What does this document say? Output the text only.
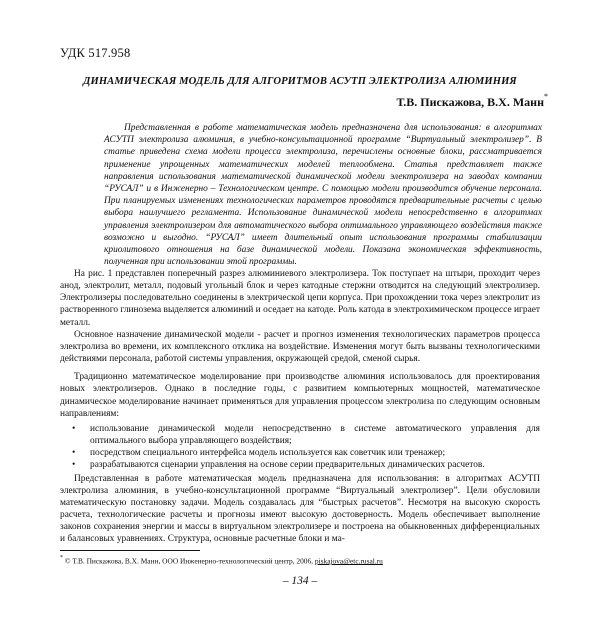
УДК 517.958
ДИНАМИЧЕСКАЯ МОДЕЛЬ ДЛЯ АЛГОРИТМОВ АСУТП ЭЛЕКТРОЛИЗА АЛЮМИНИЯ
Т.В. Пискажова, В.Х. Манн*

Представленная в работе математическая модель предназначена для использования: в алгоритмах АСУТП электролиза алюминия, в учебно-консультационной программе “Виртуальный электролизер”. В статье приведена схема модели процесса электролиза, перечислены основные блоки, рассматривается применение упрощенных математических моделей теплообмена. Статья представляет также направления использования математической динамической модели электролизера на заводах компании “РУСАЛ” и в Инженерно – Технологическом центре. С помощью модели производится обучение персонала. При планируемых изменениях технологических параметров проводятся предварительные расчеты с целью выбора наилучшего регламента. Использование динамической модели непосредственно в алгоритмах управления электролизером для автоматического выбора оптимального управляющего воздействия также возможно и выгодно. “РУСАЛ” имеет длительный опыт использования программы стабилизации криолитового отношения на базе динамической модели. Показана экономическая эффективность, полученная при использовании этой программы.

На рис. 1 представлен поперечный разрез алюминиевого электролизера. Ток поступает на штыри, проходит через анод, электролит, металл, подовый угольный блок и через катодные стержни отводится на следующий электролизер. Электролизеры последовательно соединены в электрической цепи корпуса. При прохождении тока через электролит из растворенного глинозема выделяется алюминий и оседает на катоде. Роль катода в электрохимическом процессе играет металл.

Основное назначение динамической модели - расчет и прогноз изменения технологических параметров процесса электролиза во времени, их комплексного отклика на воздействие. Изменения могут быть вызваны технологическими действиями персонала, работой системы управления, окружающей средой, сменой сырья.

Традиционно математическое моделирование при производстве алюминия использовалось для проектирования новых электролизеров. Однако в последние годы, с развитием компьютерных мощностей, математическое динамическое моделирование начинает применяться для управления процессом электролиза по следующим основным направлениям:

• использование динамической модели непосредственно в системе автоматического управления для оптимального выбора управляющего воздействия;
• посредством специального интерфейса модель используется как советчик или тренажер;
• разрабатываются сценарии управления на основе серии предварительных динамических расчетов.

Представленная в работе математическая модель предназначена для использования: в алгоритмах АСУТП электролиза алюминия, в учебно-консультационной программе “Виртуальный электролизер”. Цели обусловили математическую постановку задачи. Модель создавалась для “быстрых расчетов”. Несмотря на высокую скорость расчета, технологические расчеты и прогнозы имеют высокую достоверность. Модель обеспечивает выполнение законов сохранения энергии и массы в виртуальном электролизере и построена на обыкновенных дифференциальных и балансовых уравнениях. Структура, основные расчетные блоки и ма-

* © Т.В. Пискажова, В.Х. Манн, ООО Инженерно-технологический центр, 2006, piskajova@etc.rusal.ru
– 134 –
